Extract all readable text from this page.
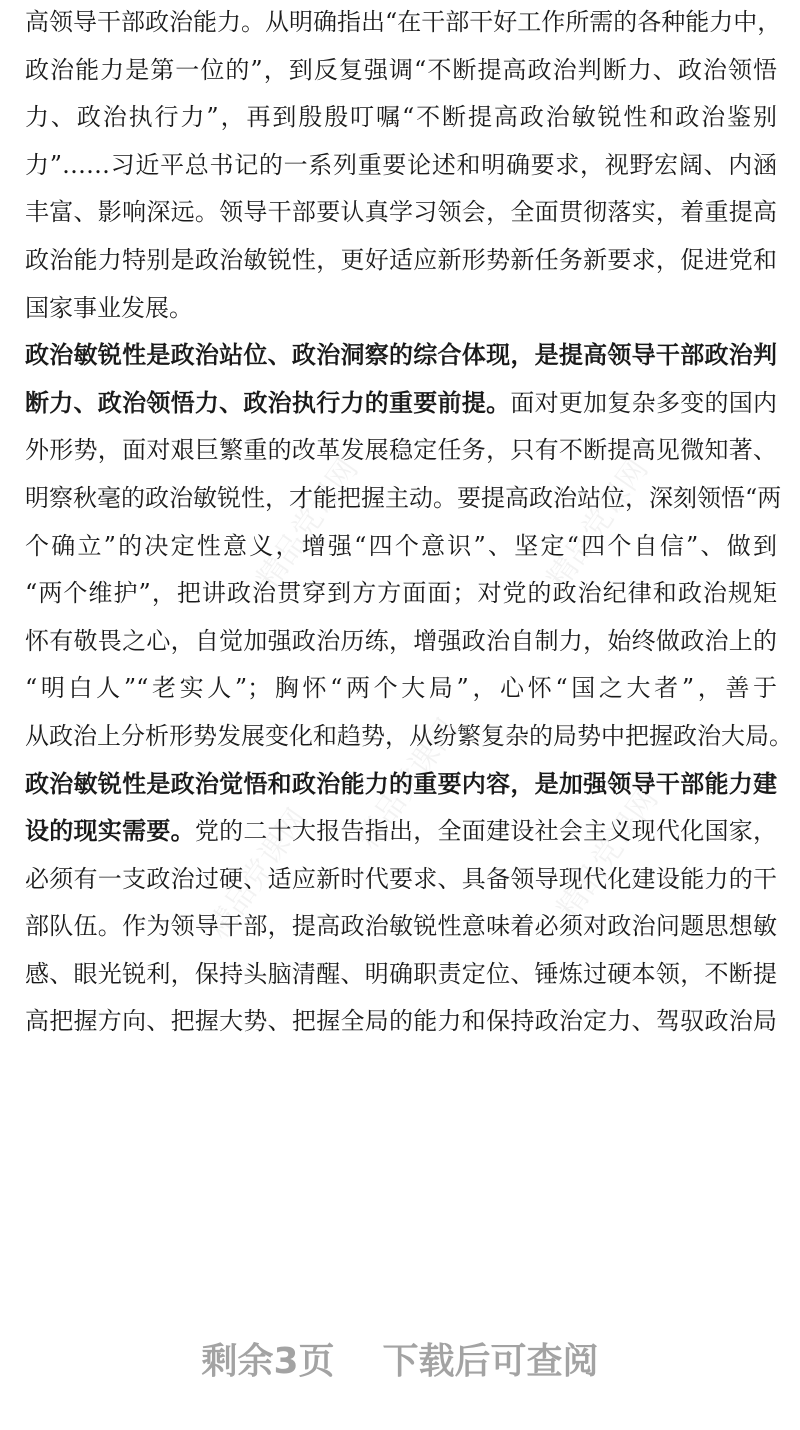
精品党课网	精品党课网
精品党课网
精品党课网	精品党课网
高领导干部政治能力。从明确指出“在干部干好工作所需的各种能力中，
政治能力是第一位的”，到反复强调“不断提高政治判断力、政治领悟
力、政治执行力”，再到殷殷叮嘱“不断提高政治敏锐性和政治鉴别
力”……习近平总书记的一系列重要论述和明确要求，视野宏阔、内涵
丰富、影响深远。领导干部要认真学习领会，全面贯彻落实，着重提高
政治能力特别是政治敏锐性，更好适应新形势新任务新要求，促进党和
国家事业发展。
政治敏锐性是政治站位、政治洞察的综合体现，是提高领导干部政治判
断力、政治领悟力、政治执行力的重要前提。面对更加复杂多变的国内
外形势，面对艰巨繁重的改革发展稳定任务，只有不断提高见微知著、
明察秋毫的政治敏锐性，才能把握主动。要提高政治站位，深刻领悟“两
个确立”的决定性意义，增强“四个意识”、坚定“四个自信”、做到
“两个维护”，把讲政治贯穿到方方面面；对党的政治纪律和政治规矩
怀有敬畏之心，自觉加强政治历练，增强政治自制力，始终做政治上的
“明白人”“老实人”；胸怀“两个大局”，心怀“国之大者”，善于
从政治上分析形势发展变化和趋势，从纷繁复杂的局势中把握政治大局。
政治敏锐性是政治觉悟和政治能力的重要内容，是加强领导干部能力建
设的现实需要。党的二十大报告指出，全面建设社会主义现代化国家，
必须有一支政治过硬、适应新时代要求、具备领导现代化建设能力的干
部队伍。作为领导干部，提高政治敏锐性意味着必须对政治问题思想敏
感、眼光锐利，保持头脑清醒、明确职责定位、锤炼过硬本领，不断提
高把握方向、把握大势、把握全局的能力和保持政治定力、驾驭政治局
剩余3页 下载后可查阅
